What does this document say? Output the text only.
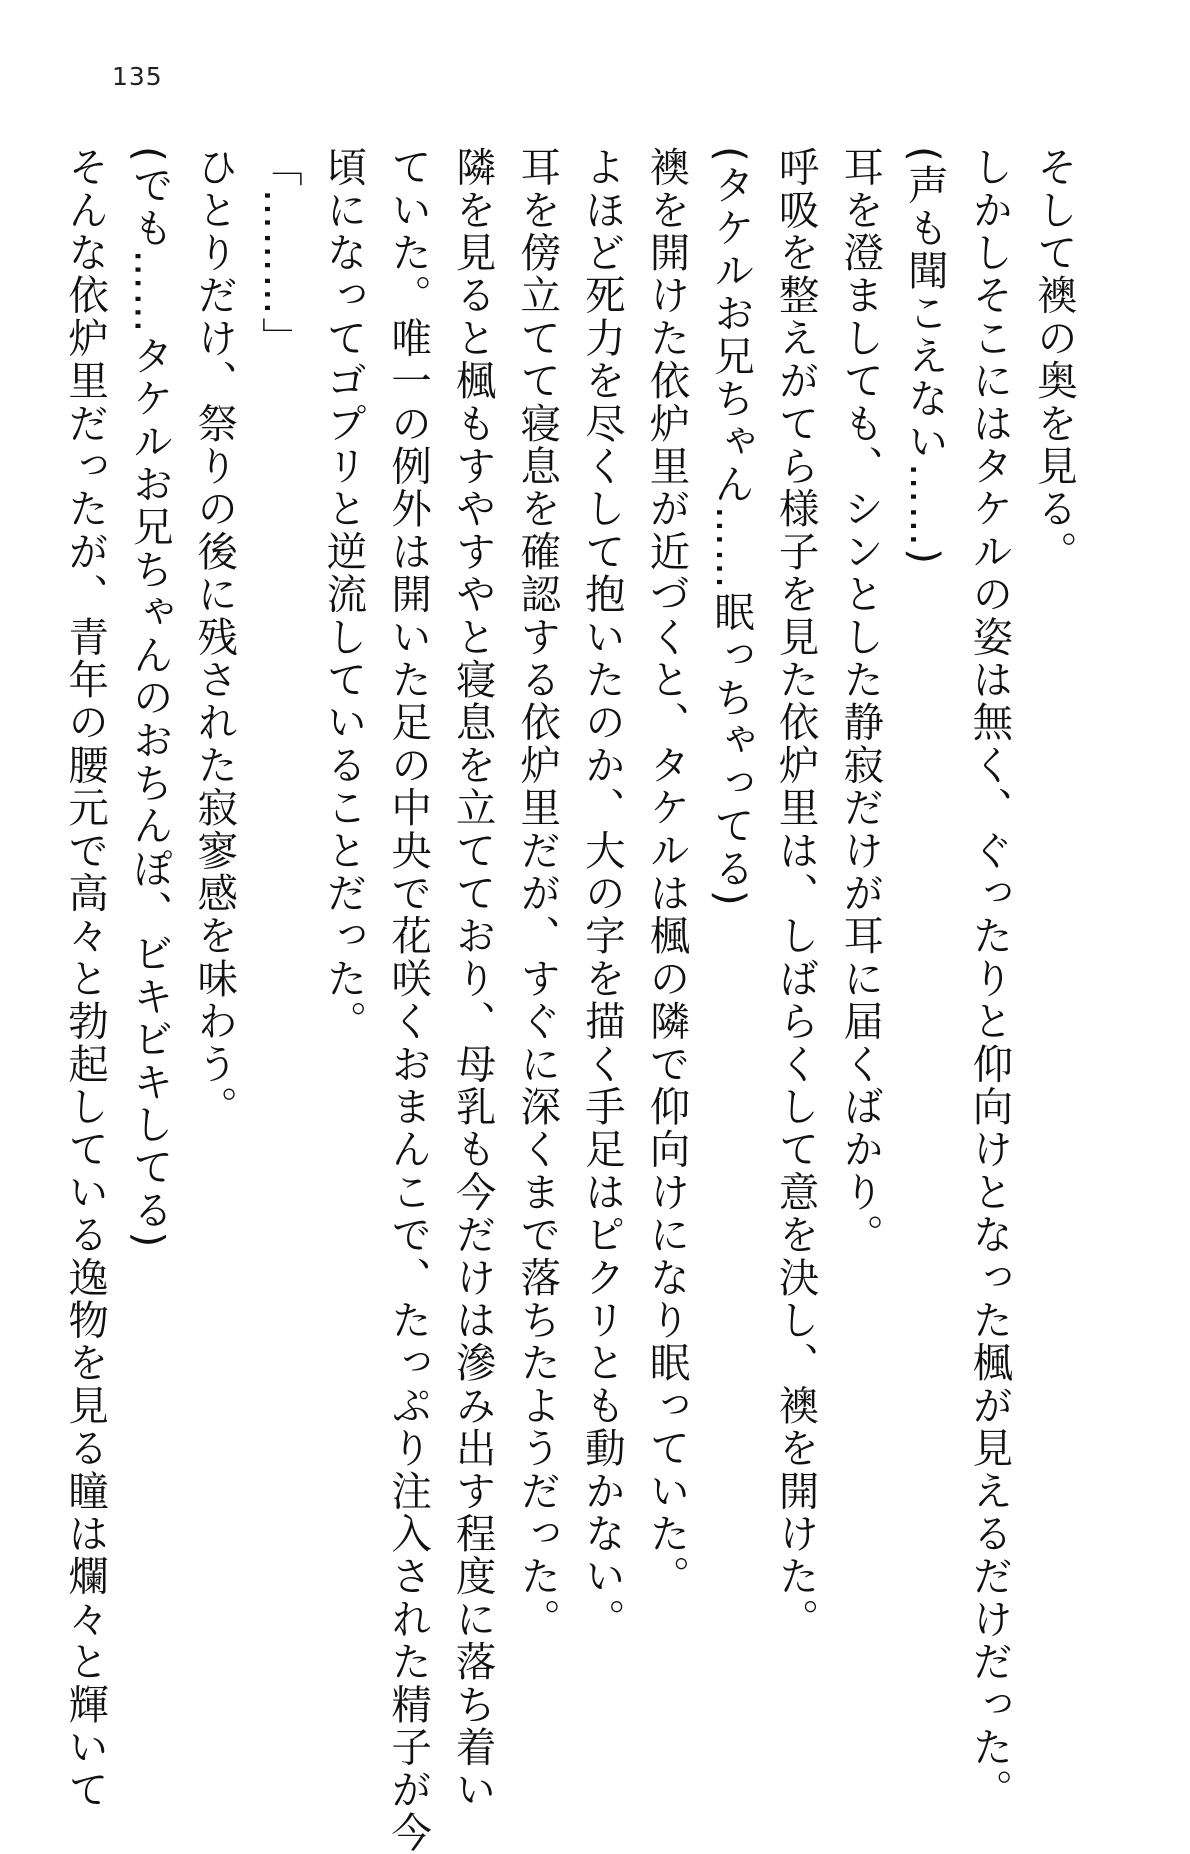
135
そして襖の奥を見る。
しかしそこにはタケルの姿は無く、ぐったりと仰向けとなった楓が見えるだけだった。
(声も聞こえない……)
耳を澄ましても、シンとした静寂だけが耳に届くばかり。
呼吸を整えがてら様子を見た依炉里は、しばらくして意を決し、襖を開けた。
(タケルお兄ちゃん……眠っちゃってる)
襖を開けた依炉里が近づくと、タケルは楓の隣で仰向けになり眠っていた。
よほど死力を尽くして抱いたのか、大の字を描く手足はピクリとも動かない。
耳を傍立てて寝息を確認する依炉里だが、すぐに深くまで落ちたようだった。
隣を見ると楓もすやすやと寝息を立てており、母乳も今だけは滲み出す程度に落ち着い
ていた。唯一の例外は開いた足の中央で花咲くおまんこで、たっぷり注入された精子が今
頃になってゴプリと逆流していることだった。
「………」
ひとりだけ、祭りの後に残された寂寥感を味わう。
(でも……タケルお兄ちゃんのおちんぽ、ビキビキしてる)
そんな依炉里だったが、青年の腰元で高々と勃起している逸物を見る瞳は爛々と輝いて
